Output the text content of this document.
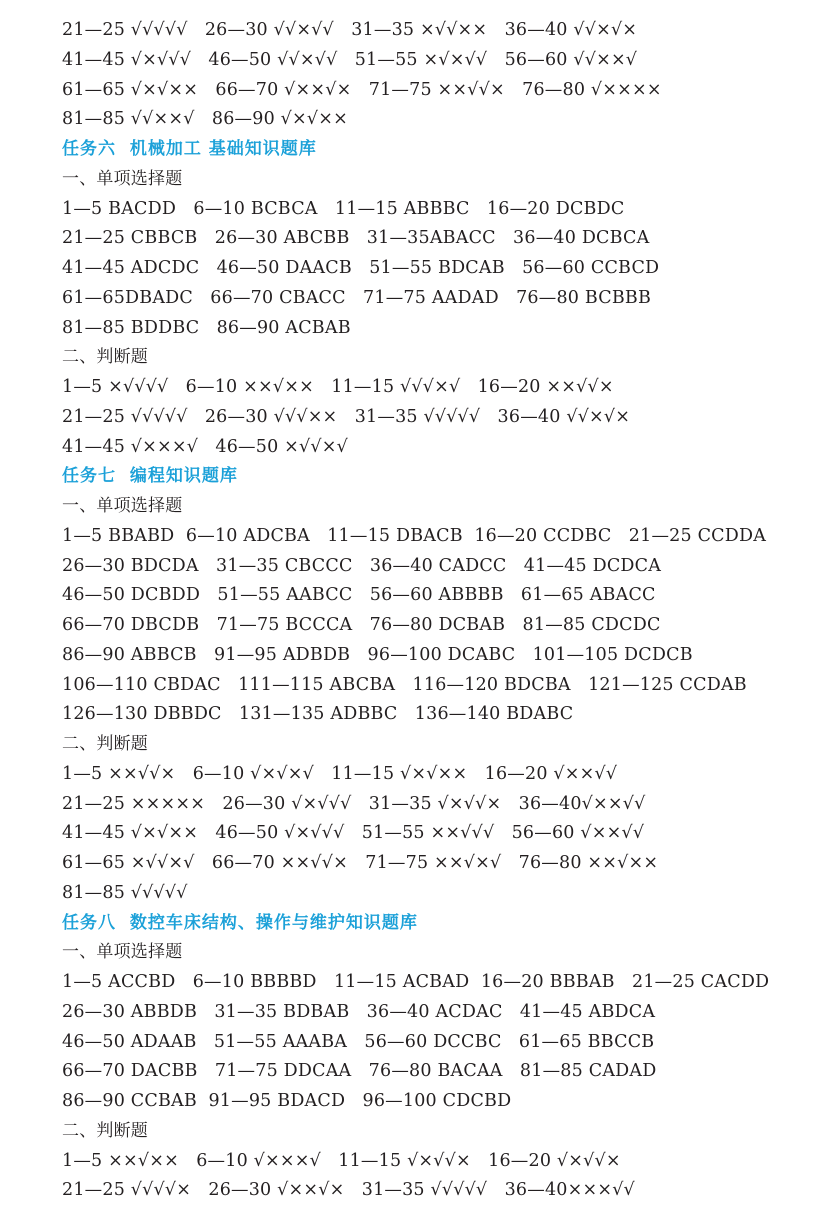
21—25 √√√√√   26—30 √√×√√   31—35 ×√√××   36—40 √√×√×
41—45 √×√√√   46—50 √√×√√   51—55 ×√×√√   56—60 √√××√
61—65 √×√××   66—70 √××√×   71—75 ××√√×   76—80 √××××
81—85 √√××√   86—90 √×√××
任务六  机械加工 基础知识题库
一、单项选择题
1—5 BACDD   6—10 BCBCA   11—15 ABBBC   16—20 DCBDC
21—25 CBBCB   26—30 ABCBB   31—35ABACC   36—40 DCBCA
41—45 ADCDC   46—50 DAACB   51—55 BDCAB   56—60 CCBCD
61—65DBADC   66—70 CBACC   71—75 AADAD   76—80 BCBBB
81—85 BDDBC   86—90 ACBAB
二、判断题
1—5 ×√√√√   6—10 ××√××   11—15 √√√×√   16—20 ××√√×
21—25 √√√√√   26—30 √√√××   31—35 √√√√√   36—40 √√×√×
41—45 √×××√   46—50 ×√√×√
任务七  编程知识题库
一、单项选择题
1—5 BBABD  6—10 ADCBA   11—15 DBACB  16—20 CCDBC   21—25 CCDDA
26—30 BDCDA   31—35 CBCCC   36—40 CADCC   41—45 DCDCA
46—50 DCBDD   51—55 AABCC   56—60 ABBBB   61—65 ABACC
66—70 DBCDB   71—75 BCCCA   76—80 DCBAB   81—85 CDCDC
86—90 ABBCB   91—95 ADBDB   96—100 DCABC   101—105 DCDCB
106—110 CBDAC   111—115 ABCBA   116—120 BDCBA   121—125 CCDAB
126—130 DBBDC   131—135 ADBBC   136—140 BDABC
二、判断题
1—5 ××√√×   6—10 √×√×√   11—15 √×√××   16—20 √××√√
21—25 ×××××   26—30 √×√√√   31—35 √×√√×   36—40√××√√
41—45 √×√××   46—50 √×√√√   51—55 ××√√√   56—60 √××√√
61—65 ×√√×√   66—70 ××√√×   71—75 ××√×√   76—80 ××√××
81—85 √√√√√
任务八  数控车床结构、操作与维护知识题库
一、单项选择题
1—5 ACCBD   6—10 BBBBD   11—15 ACBAD  16—20 BBBAB   21—25 CACDD
26—30 ABBDB   31—35 BDBAB   36—40 ACDAC   41—45 ABDCA
46—50 ADAAB   51—55 AAABA   56—60 DCCBC   61—65 BBCCB
66—70 DACBB   71—75 DDCAA   76—80 BACAA   81—85 CADAD
86—90 CCBAB  91—95 BDACD   96—100 CDCBD
二、判断题
1—5 ××√××   6—10 √×××√   11—15 √×√√×   16—20 √×√√×
21—25 √√√√×   26—30 √××√×   31—35 √√√√√   36—40×××√√
